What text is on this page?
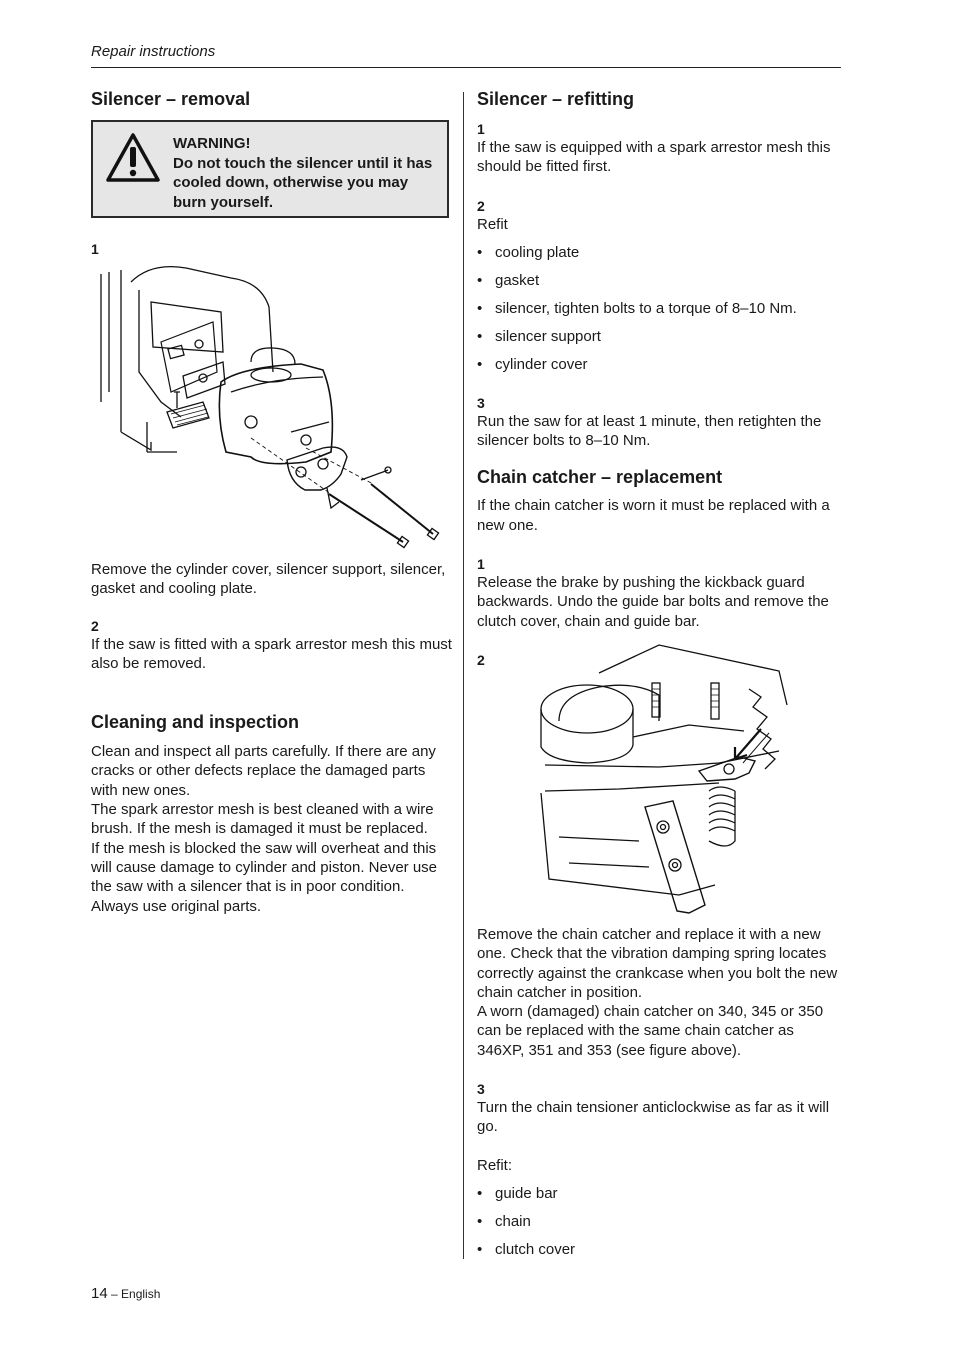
Repair instructions
Silencer – removal
WARNING!
Do not touch the silencer until it has cooled down, otherwise you may burn yourself.
1

Remove the cylinder cover, silencer support, silencer, gasket and cooling plate.

2

If the saw is fitted with a spark arrestor mesh this must also be removed.

Cleaning and inspection

Clean and inspect all parts carefully. If there are any cracks or other defects replace the damaged parts with new ones.

The spark arrestor mesh is best cleaned with a wire brush. If the mesh is damaged it must be replaced.

If the mesh is blocked the saw will overheat and this will cause damage to cylinder and piston. Never use the saw with a silencer that is in poor condition. Always use original parts.

Silencer – refitting
1

If the saw is equipped with a spark arrestor mesh this should be fitted first.

2

Refit

• cooling plate
• gasket
• silencer, tighten bolts to a torque of 8–10 Nm.
• silencer support
• cylinder cover
3

Run the saw for at least 1 minute, then retighten the silencer bolts to 8–10 Nm.

Chain catcher – replacement

If the chain catcher is worn it must be replaced with a new one.

1

Release the brake by pushing the kickback guard backwards. Undo the guide bar bolts and remove the clutch cover, chain and guide bar.

2

Remove the chain catcher and replace it with a new one. Check that the vibration damping spring locates correctly against the crankcase when you bolt the new chain catcher in position.

A worn (damaged) chain catcher on 340, 345 or 350 can be replaced with the same chain catcher as 346XP, 351 and 353 (see figure above).

3

Turn the chain tensioner anticlockwise as far as it will go.

Refit:

• guide bar
• chain
• clutch cover
14 – English
